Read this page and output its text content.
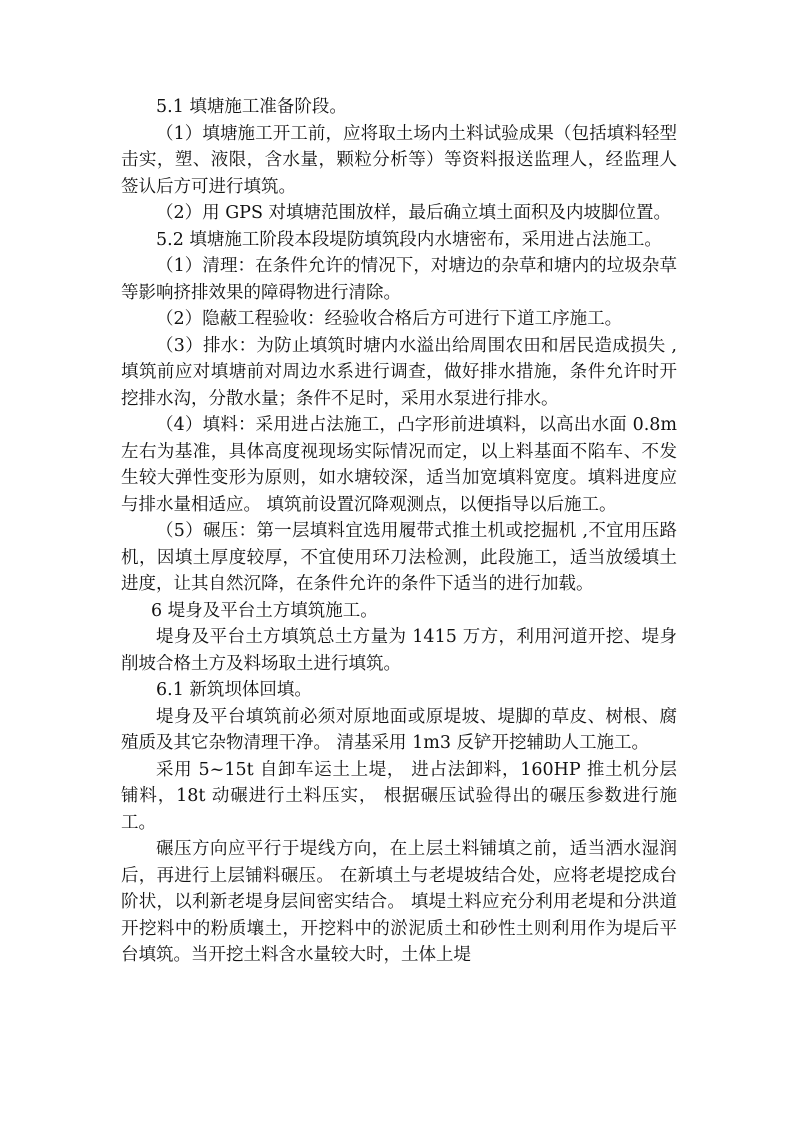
5.1 填塘施工准备阶段。

（1）填塘施工开工前，应将取土场内土料试验成果（包括填料轻型击实，塑、液限，含水量，颗粒分析等）等资料报送监理人，经监理人签认后方可进行填筑。

（2）用 GPS 对填塘范围放样，最后确立填土面积及内坡脚位置。

5.2 填塘施工阶段本段堤防填筑段内水塘密布，采用进占法施工。

（1）清理：在条件允许的情况下，对塘边的杂草和塘内的垃圾杂草等影响挤排效果的障碍物进行清除。

（2）隐蔽工程验收：经验收合格后方可进行下道工序施工。

（3）排水：为防止填筑时塘内水溢出给周围农田和居民造成损失 ,填筑前应对填塘前对周边水系进行调查，做好排水措施，条件允许时开挖排水沟，分散水量；条件不足时，采用水泵进行排水。

（4）填料：采用进占法施工，凸字形前进填料，以高出水面 0.8m 左右为基准，具体高度视现场实际情况而定，以上料基面不陷车、不发生较大弹性变形为原则，如水塘较深，适当加宽填料宽度。填料进度应与排水量相适应。 填筑前设置沉降观测点，以便指导以后施工。

（5）碾压：第一层填料宜选用履带式推土机或挖掘机 ,不宜用压路机，因填土厚度较厚，不宜使用环刀法检测，此段施工，适当放缓填土进度，让其自然沉降，在条件允许的条件下适当的进行加载。

6 堤身及平台土方填筑施工。

堤身及平台土方填筑总土方量为 1415 万方，利用河道开挖、堤身削坡合格土方及料场取土进行填筑。

6.1 新筑坝体回填。

堤身及平台填筑前必须对原地面或原堤坡、堤脚的草皮、树根、腐殖质及其它杂物清理干净。 清基采用 1m3 反铲开挖辅助人工施工。

采用 5~15t 自卸车运土上堤， 进占法卸料，160HP 推土机分层铺料，18t 动碾进行土料压实， 根据碾压试验得出的碾压参数进行施工。

碾压方向应平行于堤线方向，在上层土料铺填之前，适当洒水湿润后，再进行上层铺料碾压。 在新填土与老堤坡结合处，应将老堤挖成台阶状，以利新老堤身层间密实结合。 填堤土料应充分利用老堤和分洪道开挖料中的粉质壤土，开挖料中的淤泥质土和砂性土则利用作为堤后平台填筑。当开挖土料含水量较大时，土体上堤
